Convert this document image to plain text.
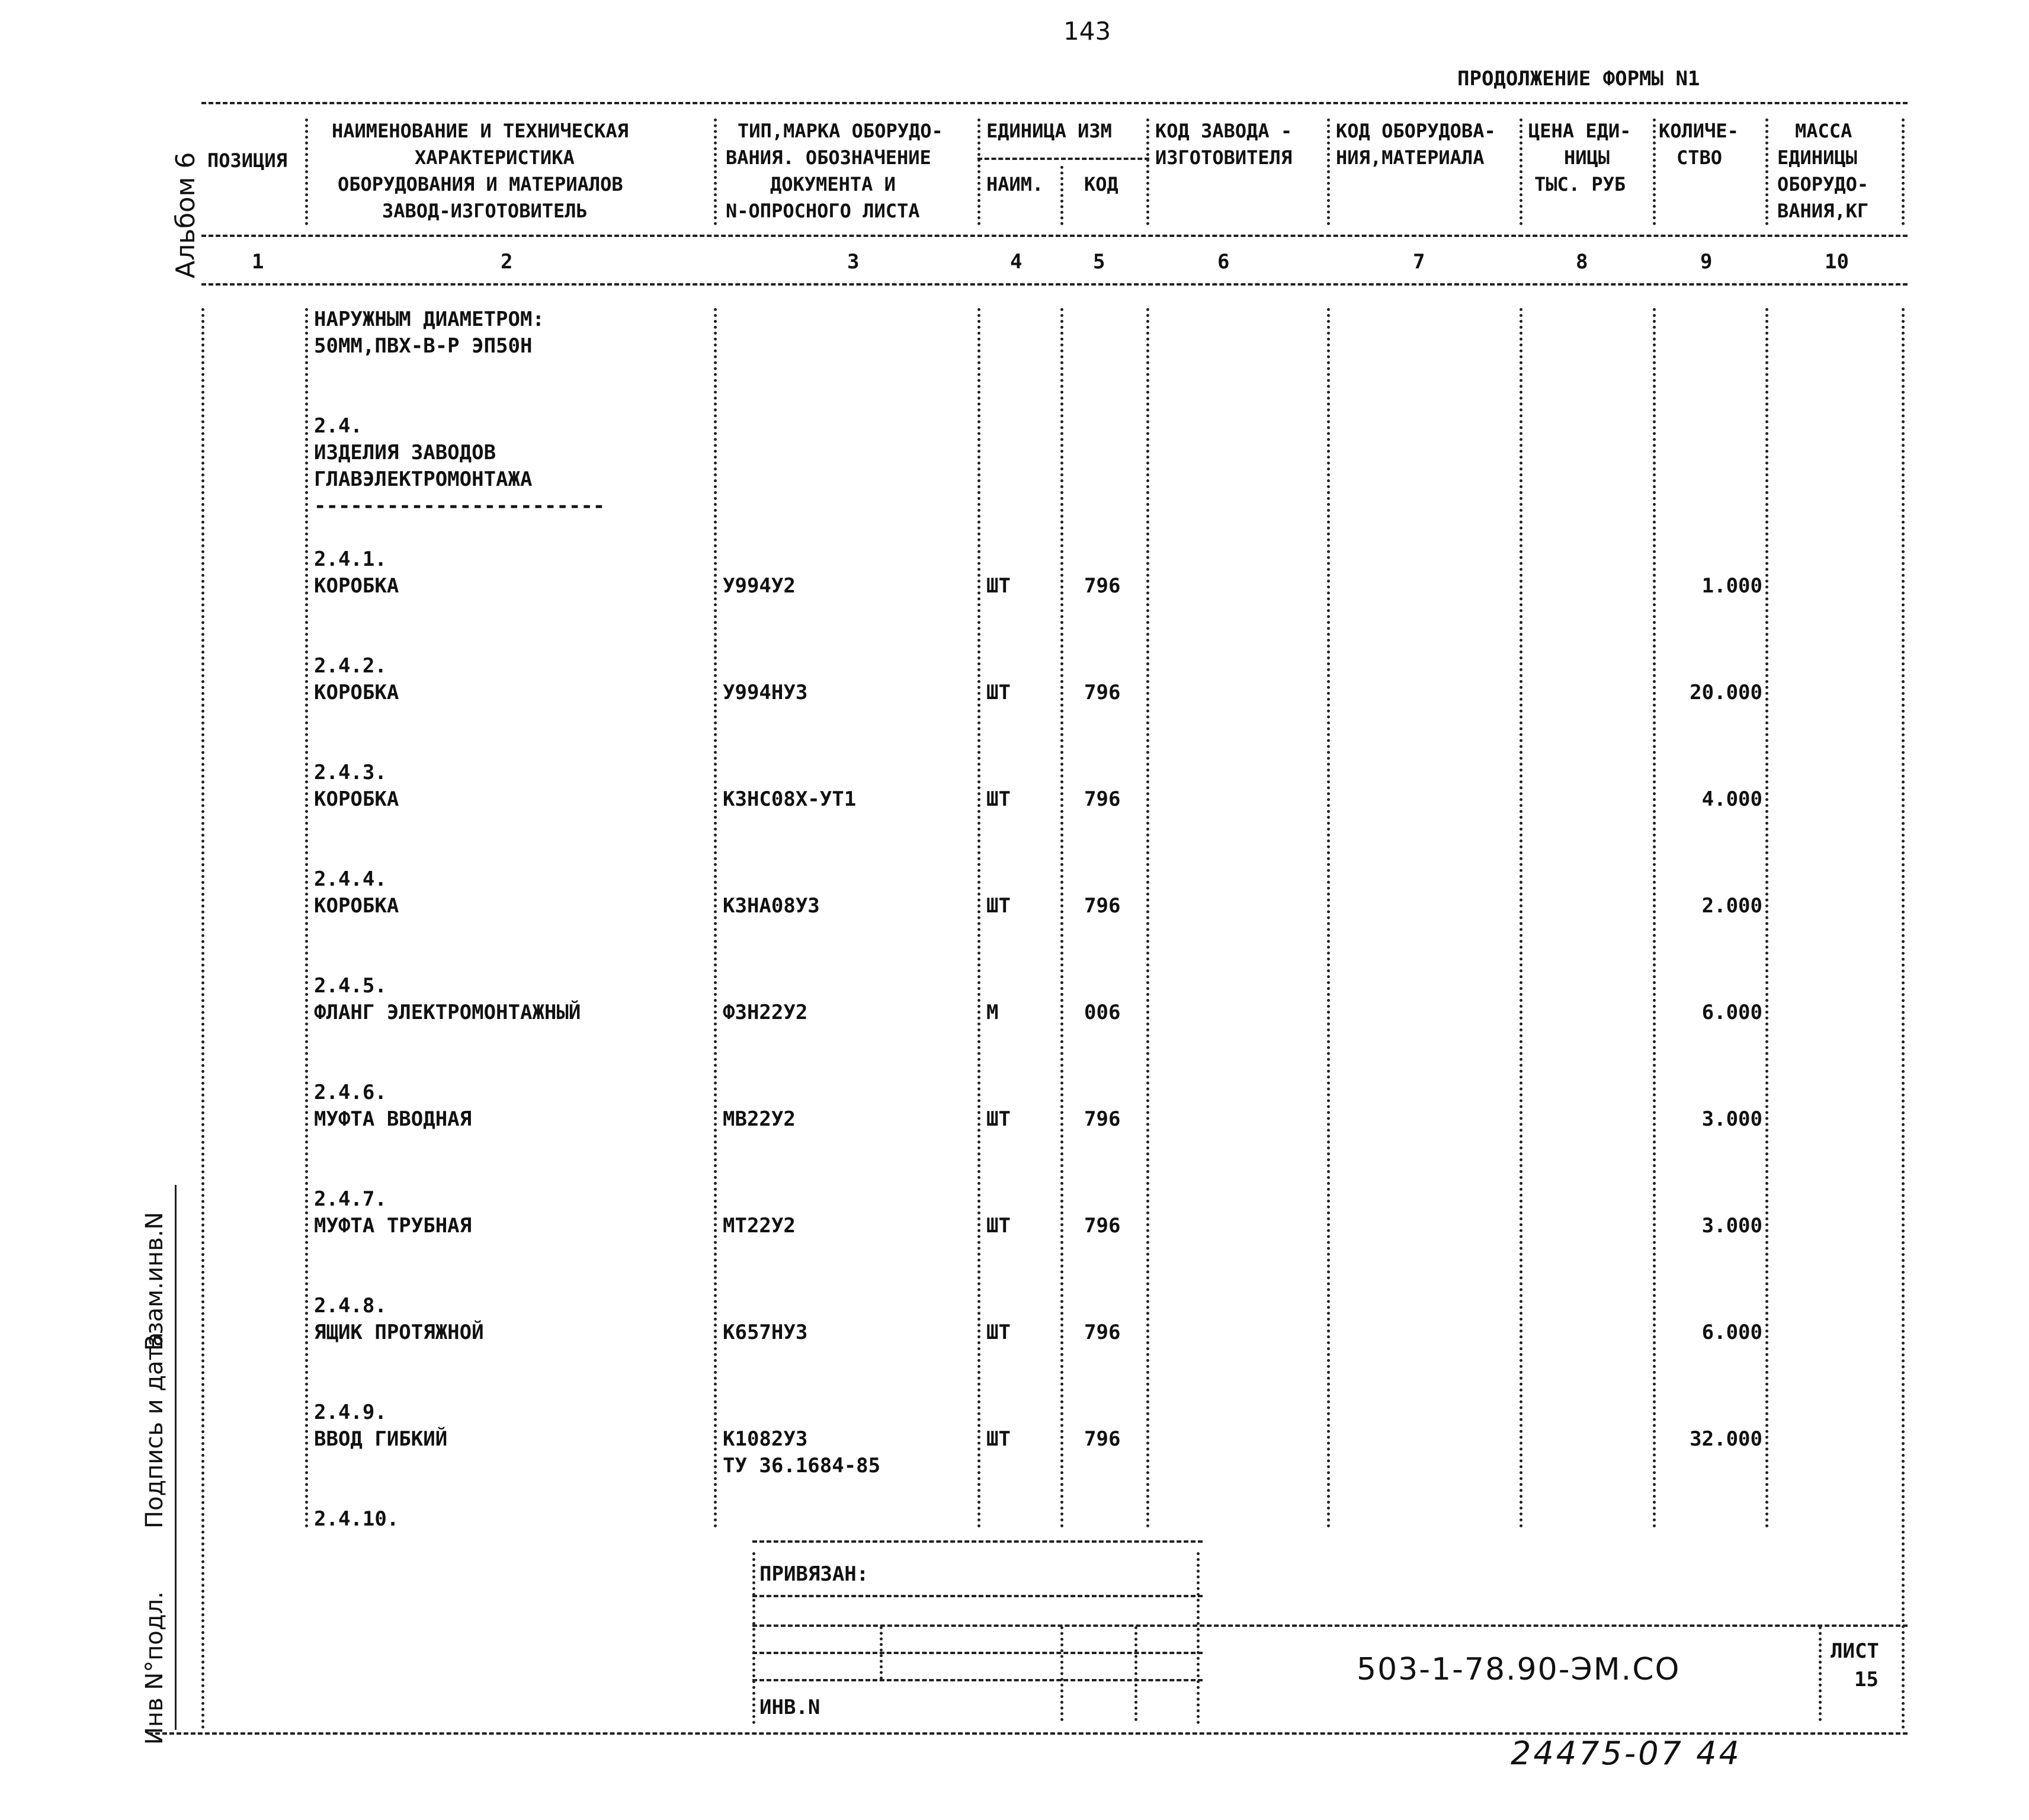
143
ПРОДОЛЖЕНИЕ ФОРМЫ N1
ПОЗИЦИЯ
НАИМЕНОВАНИЕ И ТЕХНИЧЕСКАЯ
ХАРАКТЕРИСТИКА
ОБОРУДОВАНИЯ И МАТЕРИАЛОВ
ЗАВОД-ИЗГОТОВИТЕЛЬ
ТИП,МАРКА ОБОРУДО-
ВАНИЯ. ОБОЗНАЧЕНИЕ
ДОКУМЕНТА И
N-ОПРОСНОГО ЛИСТА
ЕДИНИЦА ИЗМ
НАИМ. КОД
КОД ЗАВОДА -
ИЗГОТОВИТЕЛЯ
КОД ОБОРУДОВА-
НИЯ,МАТЕРИАЛА
ЦЕНА ЕДИ-
НИЦЫ
ТЫС. РУБ
КОЛИЧЕ-
СТВО
МАССА
ЕДИНИЦЫ
ОБОРУДО-
ВАНИЯ,КГ
1	2	3	4	5	6	7	8	9	10
НАРУЖНЫМ ДИАМЕТРОМ:
50ММ,ПВХ-В-Р ЭП50Н
2.4.
ИЗДЕЛИЯ ЗАВОДОВ
ГЛАВЭЛЕКТРОМОНТАЖА
------------------------
2.4.1.
КОРОБКА	У994У2	ШТ	796	1.000
2.4.2.
КОРОБКА	У994НУ3	ШТ	796	20.000
2.4.3.
КОРОБКА	К3НС08Х-УТ1	ШТ	796	4.000
2.4.4.
КОРОБКА	К3НА08У3	ШТ	796	2.000
2.4.5.
ФЛАНГ ЭЛЕКТРОМОНТАЖНЫЙ	Ф3Н22У2	М	006	6.000
2.4.6.
МУФТА ВВОДНАЯ	МВ22У2	ШТ	796	3.000
2.4.7.
МУФТА ТРУБНАЯ	МТ22У2	ШТ	796	3.000
2.4.8.
ЯЩИК ПРОТЯЖНОЙ	К657НУ3	ШТ	796	6.000
2.4.9.
ВВОД ГИБКИЙ	К1082У3	ШТ	796	32.000
ТУ 36.1684-85
2.4.10.
Альбом 6
Инв N°подл.
Подпись и дата
Взам.инв.N
ПРИВЯЗАН:
ИНВ.N
503-1-78.90-ЭМ.СО
ЛИСТ
15
24475-07 44
